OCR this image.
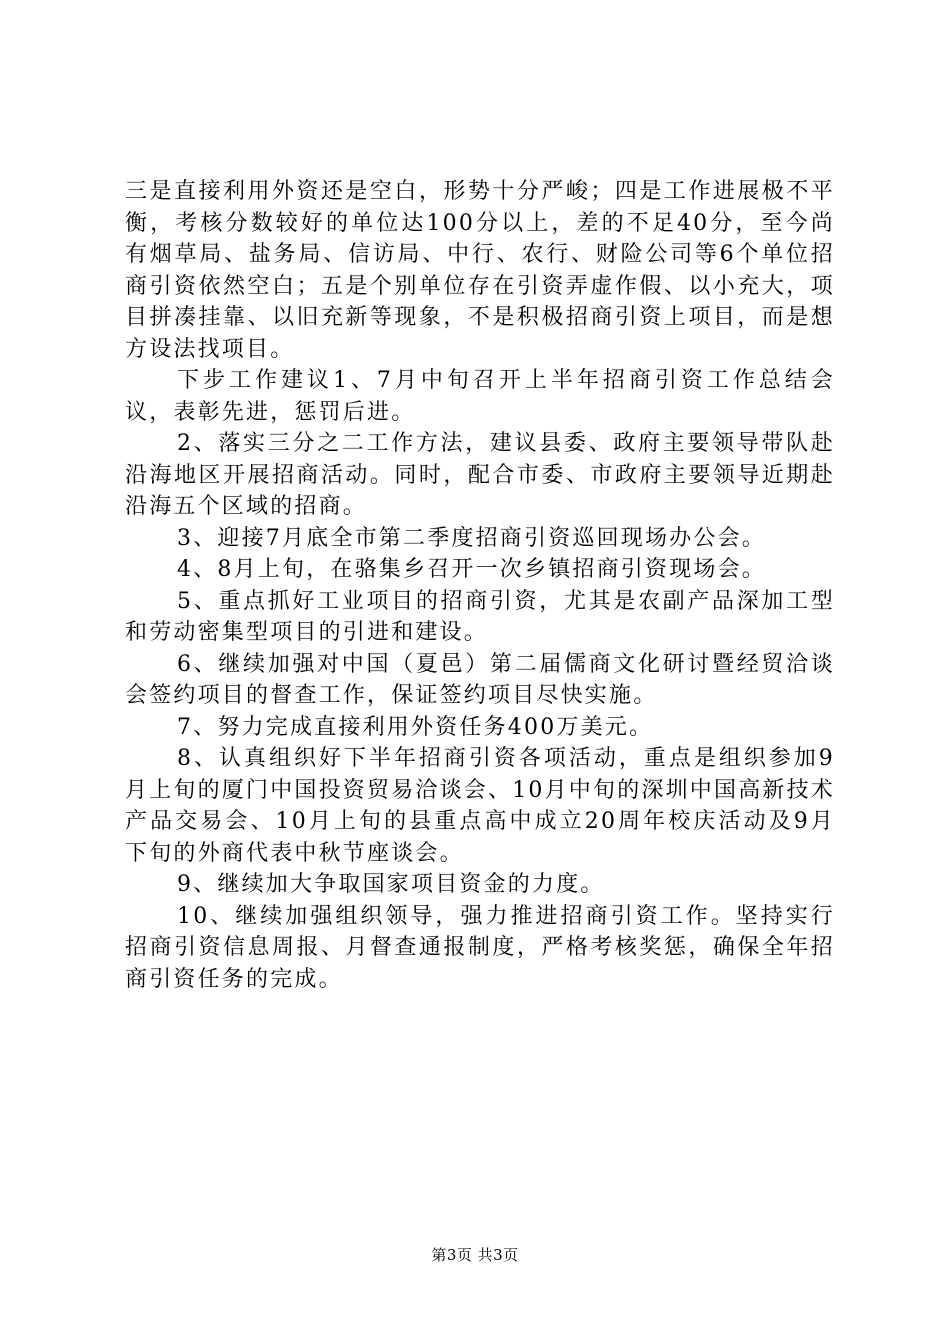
三是直接利用外资还是空白，形势十分严峻；四是工作进展极不平衡，考核分数较好的单位达100分以上，差的不足40分，至今尚有烟草局、盐务局、信访局、中行、农行、财险公司等6个单位招商引资依然空白；五是个别单位存在引资弄虚作假、以小充大，项目拼凑挂靠、以旧充新等现象，不是积极招商引资上项目，而是想方设法找项目。

下步工作建议1、7月中旬召开上半年招商引资工作总结会议，表彰先进，惩罚后进。

2、落实三分之二工作方法，建议县委、政府主要领导带队赴沿海地区开展招商活动。同时，配合市委、市政府主要领导近期赴沿海五个区域的招商。

3、迎接7月底全市第二季度招商引资巡回现场办公会。

4、8月上旬，在骆集乡召开一次乡镇招商引资现场会。

5、重点抓好工业项目的招商引资，尤其是农副产品深加工型和劳动密集型项目的引进和建设。

6、继续加强对中国（夏邑）第二届儒商文化研讨暨经贸洽谈会签约项目的督查工作，保证签约项目尽快实施。

7、努力完成直接利用外资任务400万美元。

8、认真组织好下半年招商引资各项活动，重点是组织参加9月上旬的厦门中国投资贸易洽谈会、10月中旬的深圳中国高新技术产品交易会、10月上旬的县重点高中成立20周年校庆活动及9月下旬的外商代表中秋节座谈会。

9、继续加大争取国家项目资金的力度。

10、继续加强组织领导，强力推进招商引资工作。坚持实行招商引资信息周报、月督查通报制度，严格考核奖惩，确保全年招商引资任务的完成。

第3页 共3页
